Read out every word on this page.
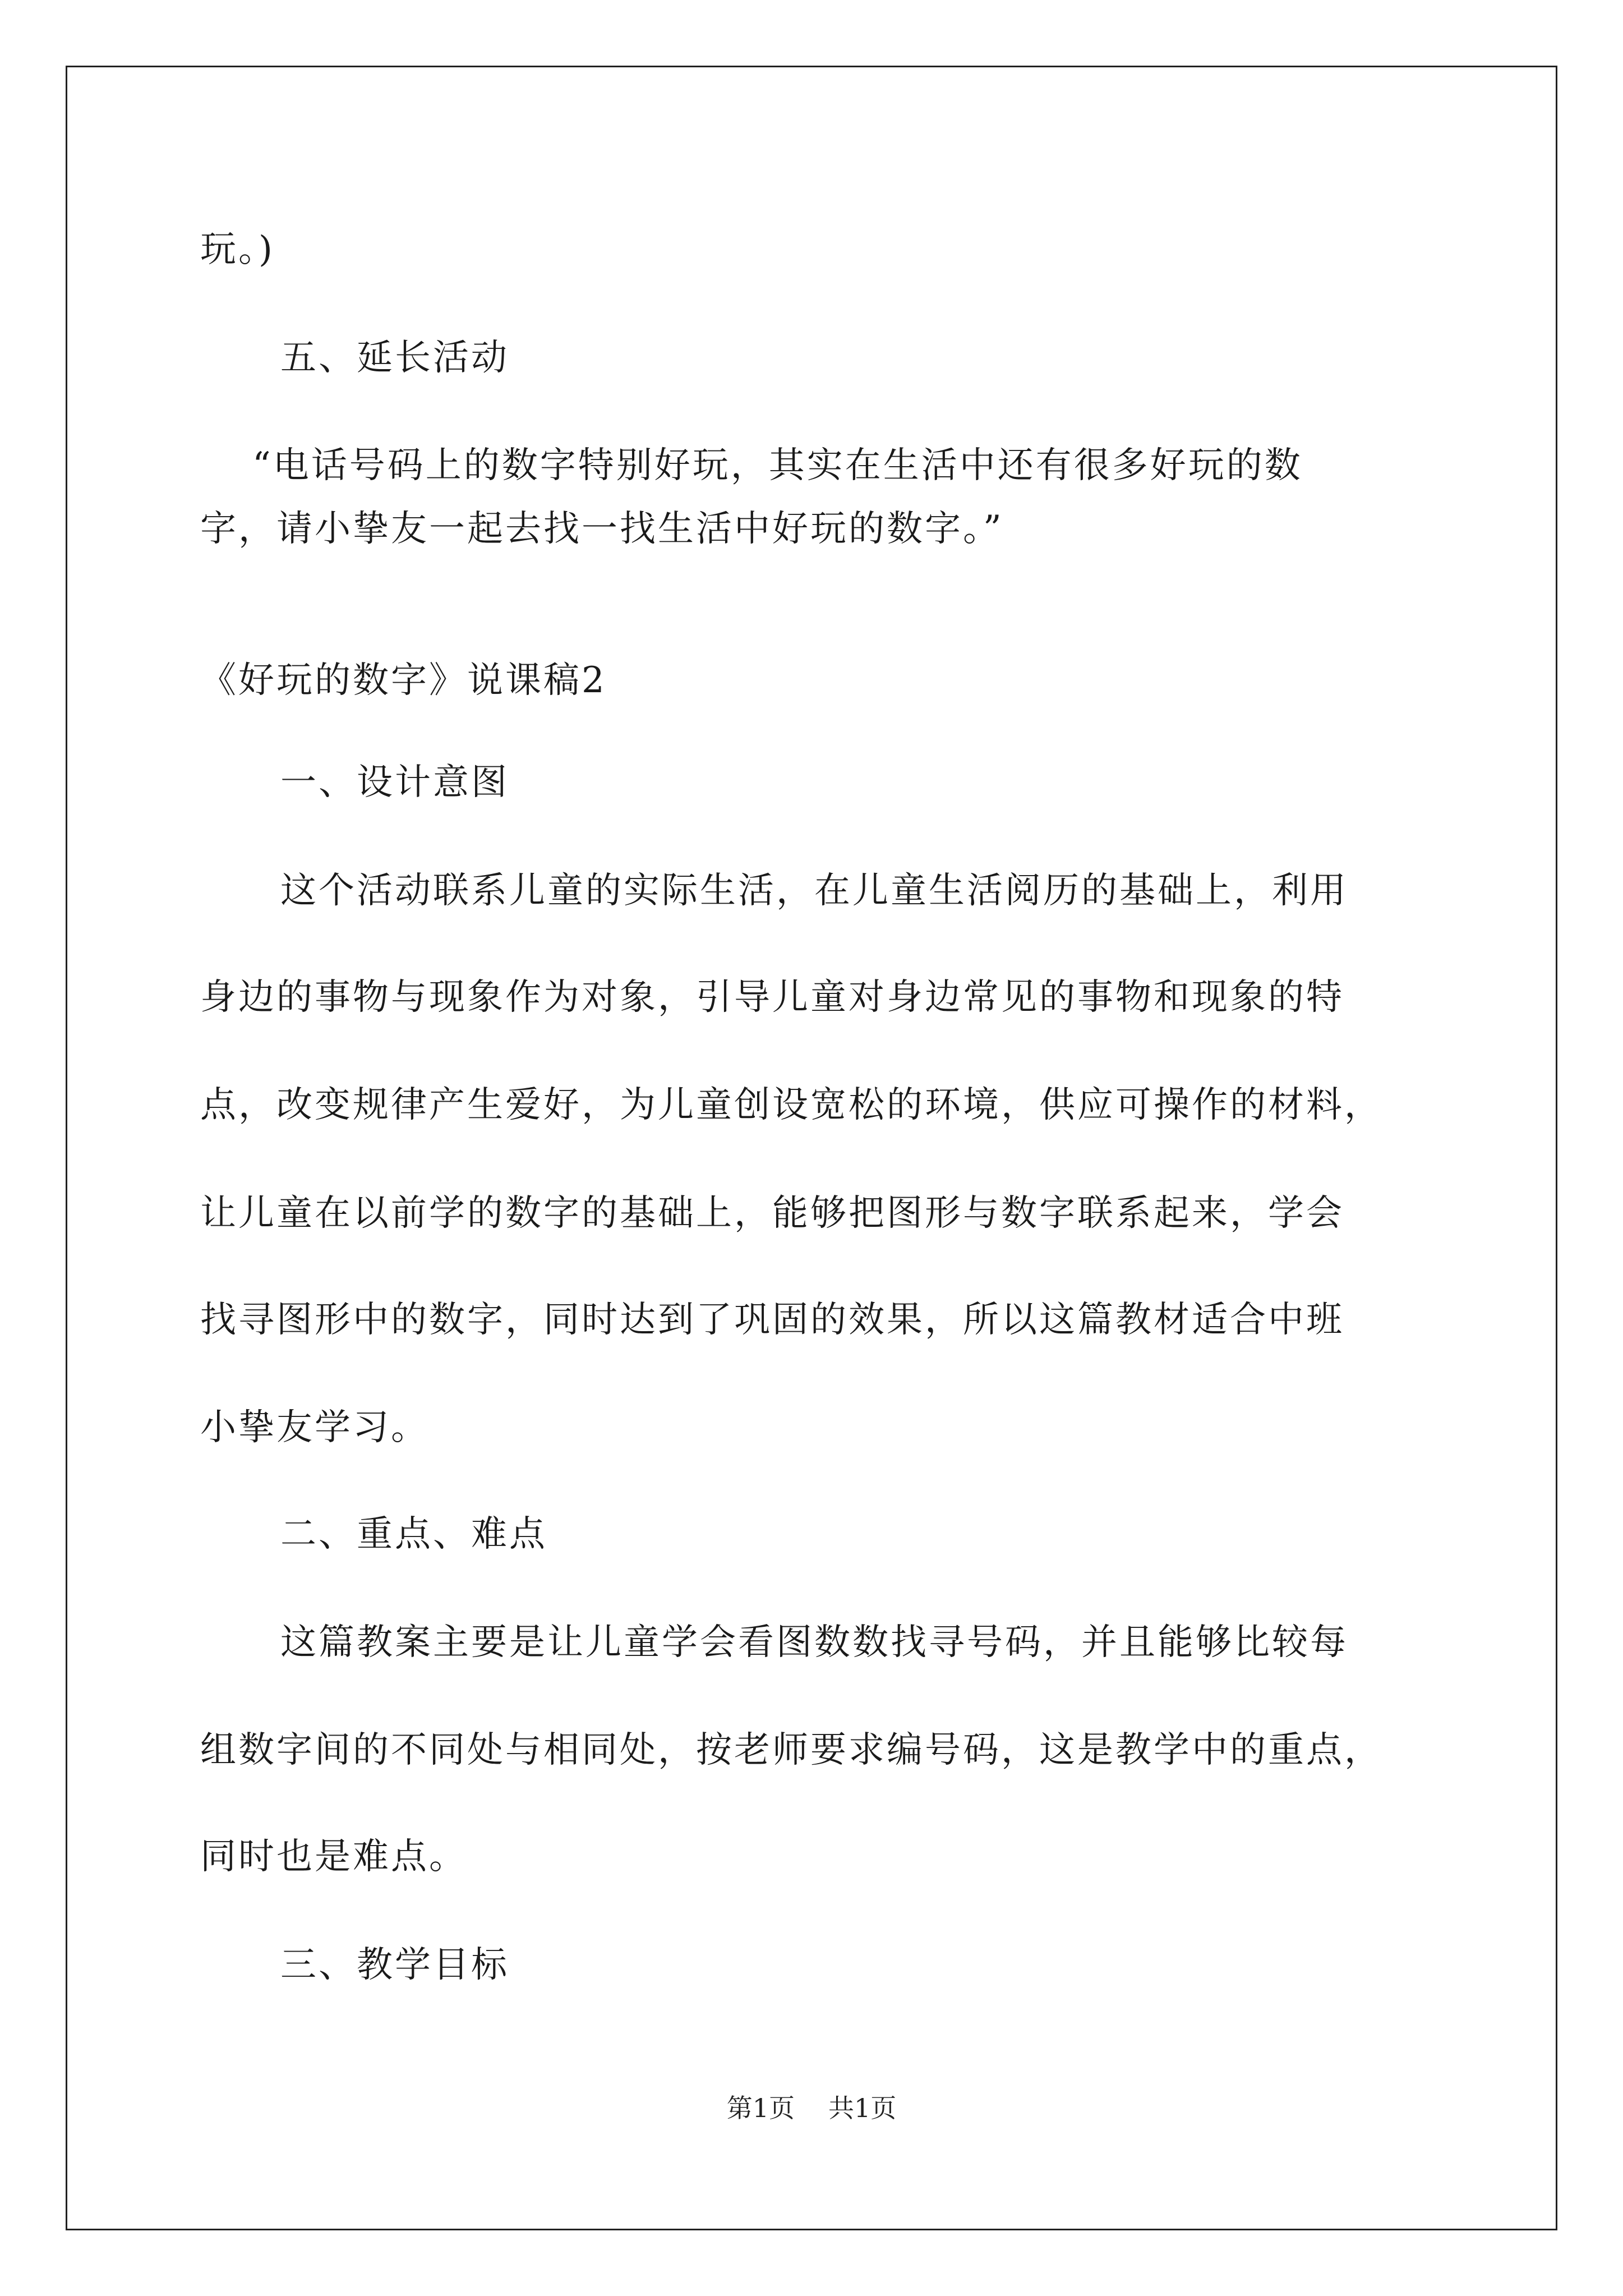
玩。)
五、延长活动
“电话号码上的数字特别好玩，其实在生活中还有很多好玩的数
字，请小挚友一起去找一找生活中好玩的数字。”
《好玩的数字》说课稿2
一、设计意图
这个活动联系儿童的实际生活，在儿童生活阅历的基础上，利用
身边的事物与现象作为对象，引导儿童对身边常见的事物和现象的特
点，改变规律产生爱好，为儿童创设宽松的环境，供应可操作的材料，
让儿童在以前学的数字的基础上，能够把图形与数字联系起来，学会
找寻图形中的数字，同时达到了巩固的效果，所以这篇教材适合中班
小挚友学习。
二、重点、难点
这篇教案主要是让儿童学会看图数数找寻号码，并且能够比较每
组数字间的不同处与相同处，按老师要求编号码，这是教学中的重点，
同时也是难点。
三、教学目标
第1页 共1页
